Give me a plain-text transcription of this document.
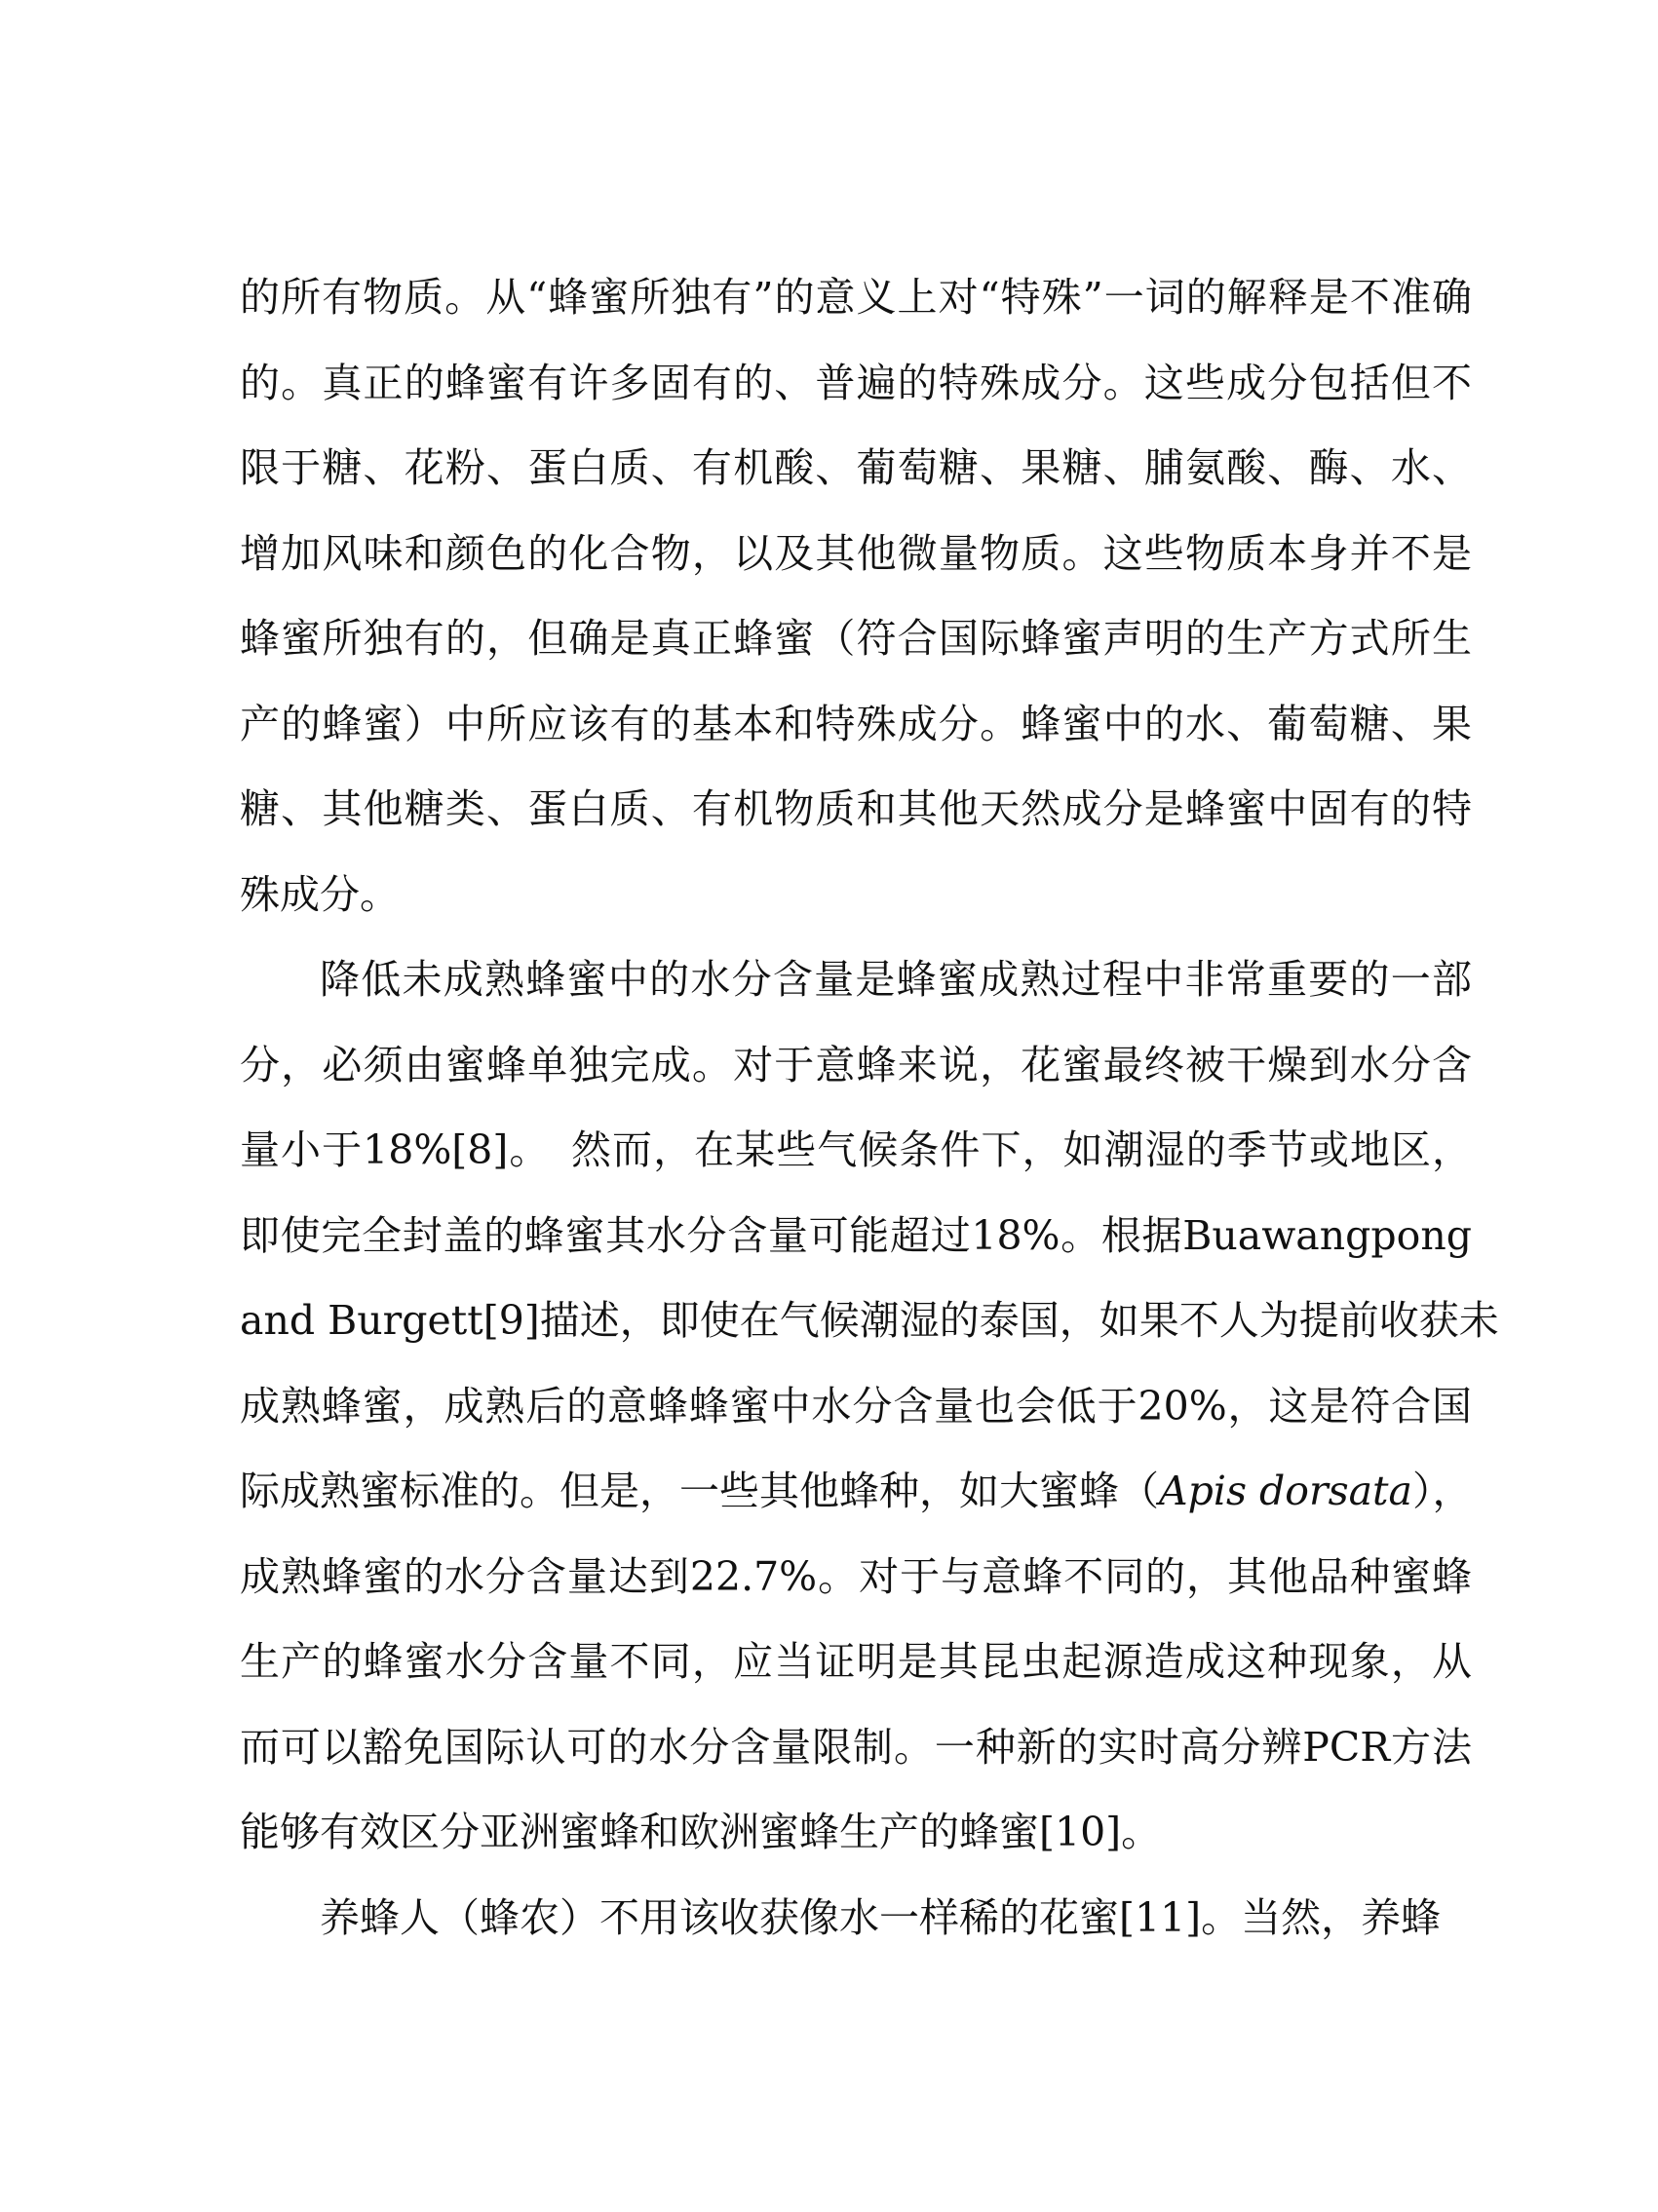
的所有物质。从“蜂蜜所独有”的意义上对“特殊”一词的解释是不准确
的。真正的蜂蜜有许多固有的、普遍的特殊成分。这些成分包括但不
限于糖、花粉、蛋白质、有机酸、葡萄糖、果糖、脯氨酸、酶、水、
增加风味和颜色的化合物，以及其他微量物质。这些物质本身并不是
蜂蜜所独有的，但确是真正蜂蜜（符合国际蜂蜜声明的生产方式所生
产的蜂蜜）中所应该有的基本和特殊成分。蜂蜜中的水、葡萄糖、果
糖、其他糖类、蛋白质、有机物质和其他天然成分是蜂蜜中固有的特
殊成分。
降低未成熟蜂蜜中的水分含量是蜂蜜成熟过程中非常重要的一部
分，必须由蜜蜂单独完成。对于意蜂来说，花蜜最终被干燥到水分含
量小于18%[8]。　然而，在某些气候条件下，如潮湿的季节或地区，
即使完全封盖的蜂蜜其水分含量可能超过18%。根据Buawangpong
and Burgett[9]描述，即使在气候潮湿的泰国，如果不人为提前收获未
成熟蜂蜜，成熟后的意蜂蜂蜜中水分含量也会低于20%，这是符合国
际成熟蜜标准的。但是，一些其他蜂种，如大蜜蜂（Apis dorsata），
成熟蜂蜜的水分含量达到22.7%。对于与意蜂不同的，其他品种蜜蜂
生产的蜂蜜水分含量不同，应当证明是其昆虫起源造成这种现象，从
而可以豁免国际认可的水分含量限制。一种新的实时高分辨PCR方法
能够有效区分亚洲蜜蜂和欧洲蜜蜂生产的蜂蜜[10]。
养蜂人（蜂农）不用该收获像水一样稀的花蜜[11]。当然，养蜂
